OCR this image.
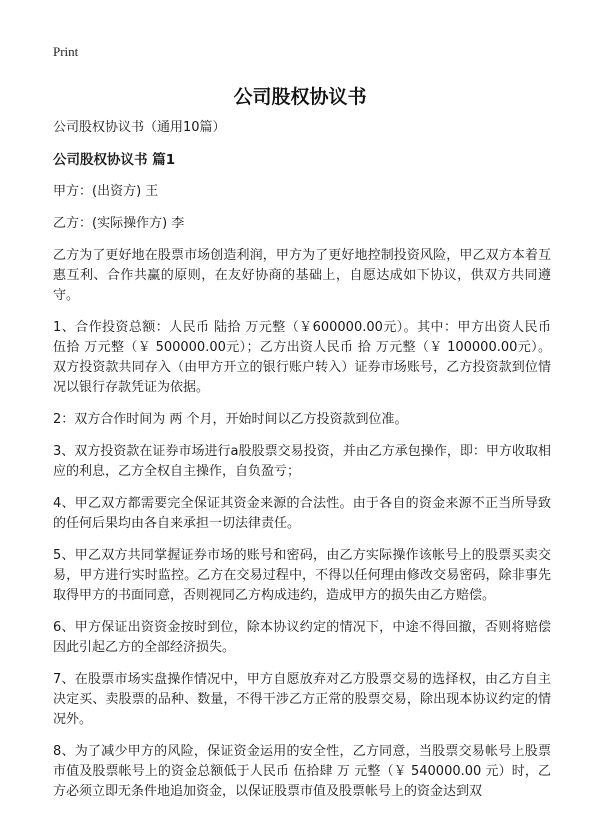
Print
公司股权协议书

公司股权协议书（通用10篇）

公司股权协议书 篇1

甲方：(出资方) 王

乙方：(实际操作方) 李

乙方为了更好地在股票市场创造利润，甲方为了更好地控制投资风险，甲乙双方本着互惠互利、合作共赢的原则，在友好协商的基础上，自愿达成如下协议，供双方共同遵守。

1、合作投资总额：人民币 陆拾 万元整（￥600000.00元）。其中：甲方出资人民币 伍拾 万元整（￥ 500000.00元）；乙方出资人民币 拾 万元整（￥ 100000.00元）。双方投资款共同存入（由甲方开立的银行账户转入）证券市场账号，乙方投资款到位情况以银行存款凭证为依据。

2：双方合作时间为 两 个月，开始时间以乙方投资款到位准。

3、双方投资款在证券市场进行a股股票交易投资，并由乙方承包操作，即：甲方收取相应的利息，乙方全权自主操作，自负盈亏；

4、甲乙双方都需要完全保证其资金来源的合法性。由于各自的资金来源不正当所导致的任何后果均由各自来承担一切法律责任。

5、甲乙双方共同掌握证券市场的账号和密码，由乙方实际操作该帐号上的股票买卖交易，甲方进行实时监控。乙方在交易过程中，不得以任何理由修改交易密码，除非事先取得甲方的书面同意，否则视同乙方构成违约，造成甲方的损失由乙方赔偿。

6、甲方保证出资资金按时到位，除本协议约定的情况下，中途不得回撤，否则将赔偿因此引起乙方的全部经济损失。

7、在股票市场实盘操作情况中，甲方自愿放弃对乙方股票交易的选择权，由乙方自主决定买、卖股票的品种、数量，不得干涉乙方正常的股票交易，除出现本协议约定的情况外。

8、为了减少甲方的风险，保证资金运用的安全性，乙方同意，当股票交易帐号上股票市值及股票帐号上的资金总额低于人民币 伍拾肆 万 元整（￥ 540000.00 元）时，乙方必须立即无条件地追加资金，以保证股票市值及股票帐号上的资金达到双
